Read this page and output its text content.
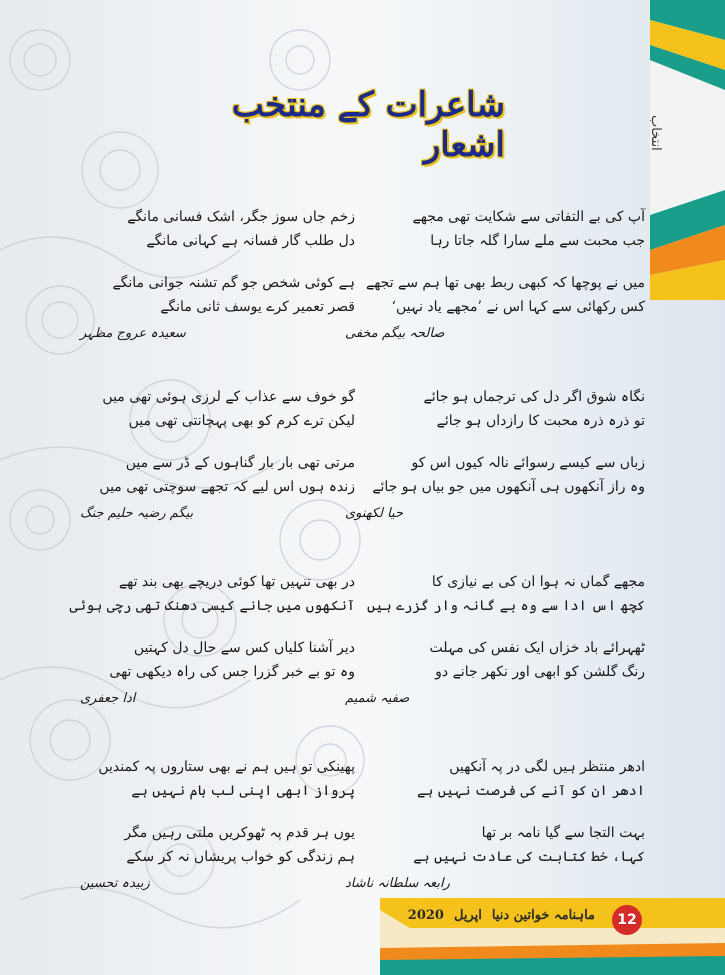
انتخاب
شاعرات کے منتخب اشعار
آپ کی بے التفاتی سے شکایت تھی مجھے
جب محبت سے ملے سارا گلہ جاتا رہا
میں نے پوچھا کہ کبھی ربط بھی تھا ہم سے تجھے
کس رکھائی سے کہا اس نے ’مجھے یاد نہیں‘
صالحہ بیگم مخفی
نگاہ شوق اگر دل کی ترجماں ہو جائے
تو ذرہ ذرہ محبت کا رازداں ہو جائے
زباں سے کیسے رسوائے نالہ کیوں اس کو
وہ راز آنکھوں ہی آنکھوں میں جو بیاں ہو جائے
حیا لکھنوی
مجھے گماں نہ ہوا ان کی بے نیازی کا
کچھ اس ادا سے وہ بے گانہ وار گزرے ہیں
ٹھہرائے باد خزاں ایک نفس کی مہلت
رنگ گلشن کو ابھی اور نکھر جانے دو
صفیہ شمیم
ادھر منتظر ہیں لگی در پہ آنکھیں
ادھر ان کو آنے کی فرصت نہیں ہے
بہت التجا سے گیا نامہ بر تھا
کہا، خط کتابت کی عادت نہیں ہے
رابعہ سلطانہ ناشاد
زخم جاں سوز جگر، اشک فسانی مانگے
دل طلب گار فسانہ ہے کہانی مانگے
ہے کوئی شخص جو گم تشنہ جوانی مانگے
قصر تعمیر کرے یوسف ثانی مانگے
سعیدہ عروج مظہر
گو خوف سے عذاب کے لرزی ہوئی تھی میں
لیکن ترے کرم کو بھی پہچانتی تھی میں
مرتی تھی بار بار گناہوں کے ڈر سے میں
زندہ ہوں اس لیے کہ تجھے سوچتی تھی میں
بیگم رضیہ حلیم جنگ
در بھی تنہیں تھا کوئی دریچے بھی بند تھے
آنکھوں میں جانے کیسی دھنک تھی رچی ہوئی
دیر آشنا کلیاں کس سے حال دل کہتیں
وہ تو بے خبر گزرا جس کی راہ دیکھی تھی
ادا جعفری
پھینکی تو ہیں ہم نے بھی ستاروں پہ کمندیں
پرواز ابھی اپنی لب بام نہیں ہے
یوں ہر قدم پہ ٹھوکریں ملتی رہیں مگر
ہم زندگی کو خواب پریشاں نہ کر سکے
زبیدہ تحسین
ماہنامہ خواتین دنیا
اپریل
2020	12
